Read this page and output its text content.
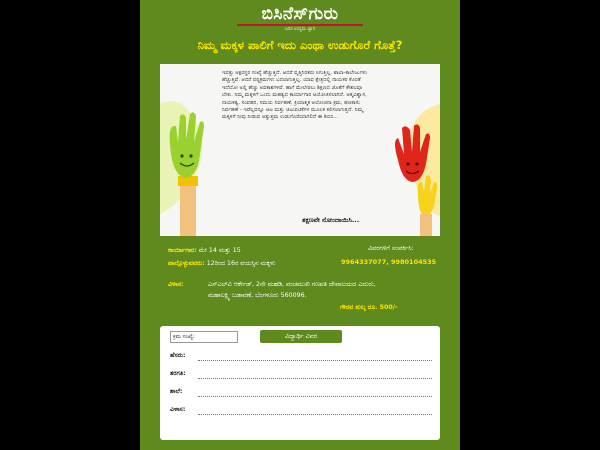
ಬಿಸಿನೆಸ್‌ಗುರು
ಜನರ ಉದ್ಯಮ ಜ್ಞಾನ
ನಿಮ್ಮ ಮಕ್ಕಳ ಪಾಲಿಗೆ ಇದು ಎಂಥಾ ಉಡುಗೊರೆ ಗೊತ್ತೆ?
ಇವತ್ತು ಅಕ್ಷರಸ್ಥರ ಸಂಖ್ಯೆ ಹೆಚ್ಚುತ್ತಿದೆ. ಆದರೆ ವೃತ್ತಿನಿರತರು ಸಿಗುತ್ತಿಲ್ಲ. ಶಾಲಾ-ಕಾಲೇಜುಗಳು ಹೆಚ್ಚುತ್ತಿವೆ. ಆದರೆ ಪಠ್ಯಕ್ರಮಗಳು ಬದಲಾಗುತ್ತಿಲ್ಲ. ಯಾವ ಕ್ಷೇತ್ರದಲ್ಲಿ ನಾಯಕರ ಕೊರತೆ ಇದೆಯೋ ಅಲ್ಲಿ ಹೆಚ್ಚು ಅವಕಾಶಗಳಿವೆ. ಹಾಗೆ ಮೇಲೇರಲು ಶಿಕ್ಷಣದ ಜೊತೆಗೆ ಕೌಶಲವೂ ಬೇಕು. ನಿಮ್ಮ ಮಕ್ಕಳಿಗೆ ಒಂದು ಮಹತ್ವದ ಕಾರ್ಯಾಗಾರ ಆಯೋಜಿಸಲಾಗಿದೆ. ಆತ್ಮವಿಶ್ವಾಸ, ನಾಯಕತ್ವ, ಸಂವಹನ, ಸಮಯ ನಿರ್ವಹಣೆ, ಕ್ರಿಯಾತ್ಮಕ ಆಲೋಚನಾ ಕ್ರಮ, ಹಣಕಾಸು ನಿರ್ವಹಣೆ - ಇವೆಲ್ಲವನ್ನೂ ಆಟ ಮತ್ತು ಚಟುವಟಿಕೆಗಳ ಮೂಲಕ ಕಲಿಸಲಾಗುತ್ತದೆ. ನಿಮ್ಮ ಮಕ್ಕಳಿಗೆ ನೀವು ನೀಡುವ ಅತ್ಯುತ್ತಮ ಉಡುಗೊರೆಯಾಗಲಿದೆ ಈ ಶಿಬಿರ...
ತಕ್ಷಣವೇ ನೋಂದಾಯಿಸಿ...
ಕಾರ್ಯಾಗಾರ: ಮೇ 14 ಮತ್ತು 15
ಪಾಲ್ಗೊಳ್ಳುವವರು: 12ರಿಂದ 16ರ ವಯಸ್ಸಿನ ಮಕ್ಕಳು
ವಿವರಗಳಿಗೆ ಸಂಪರ್ಕಿಸಿ:
9964337077, 9980104535
ವಿಳಾಸ:	ಎಸ್‌ಎಲ್‌ವಿ ಆರ್ಕೇಡ್, 2ನೇ ಮಹಡಿ, ಪಂಚಮುಖಿ ಗಣಪತಿ ದೇವಾಲಯದ ಎದುರು, ಮಹಾಲಕ್ಷ್ಮಿ ಬಡಾವಣೆ, ಬೆಂಗಳೂರು 560096.
ಗೌರವ ಶುಲ್ಕ ರೂ. 500/-
ಕ್ರಮ ಸಂಖ್ಯೆ:	ವಿದ್ಯಾರ್ಥಿ ವಿವರ
ಹೆಸರು:
ತರಗತಿ:
ಶಾಲೆ:
ವಿಳಾಸ:
